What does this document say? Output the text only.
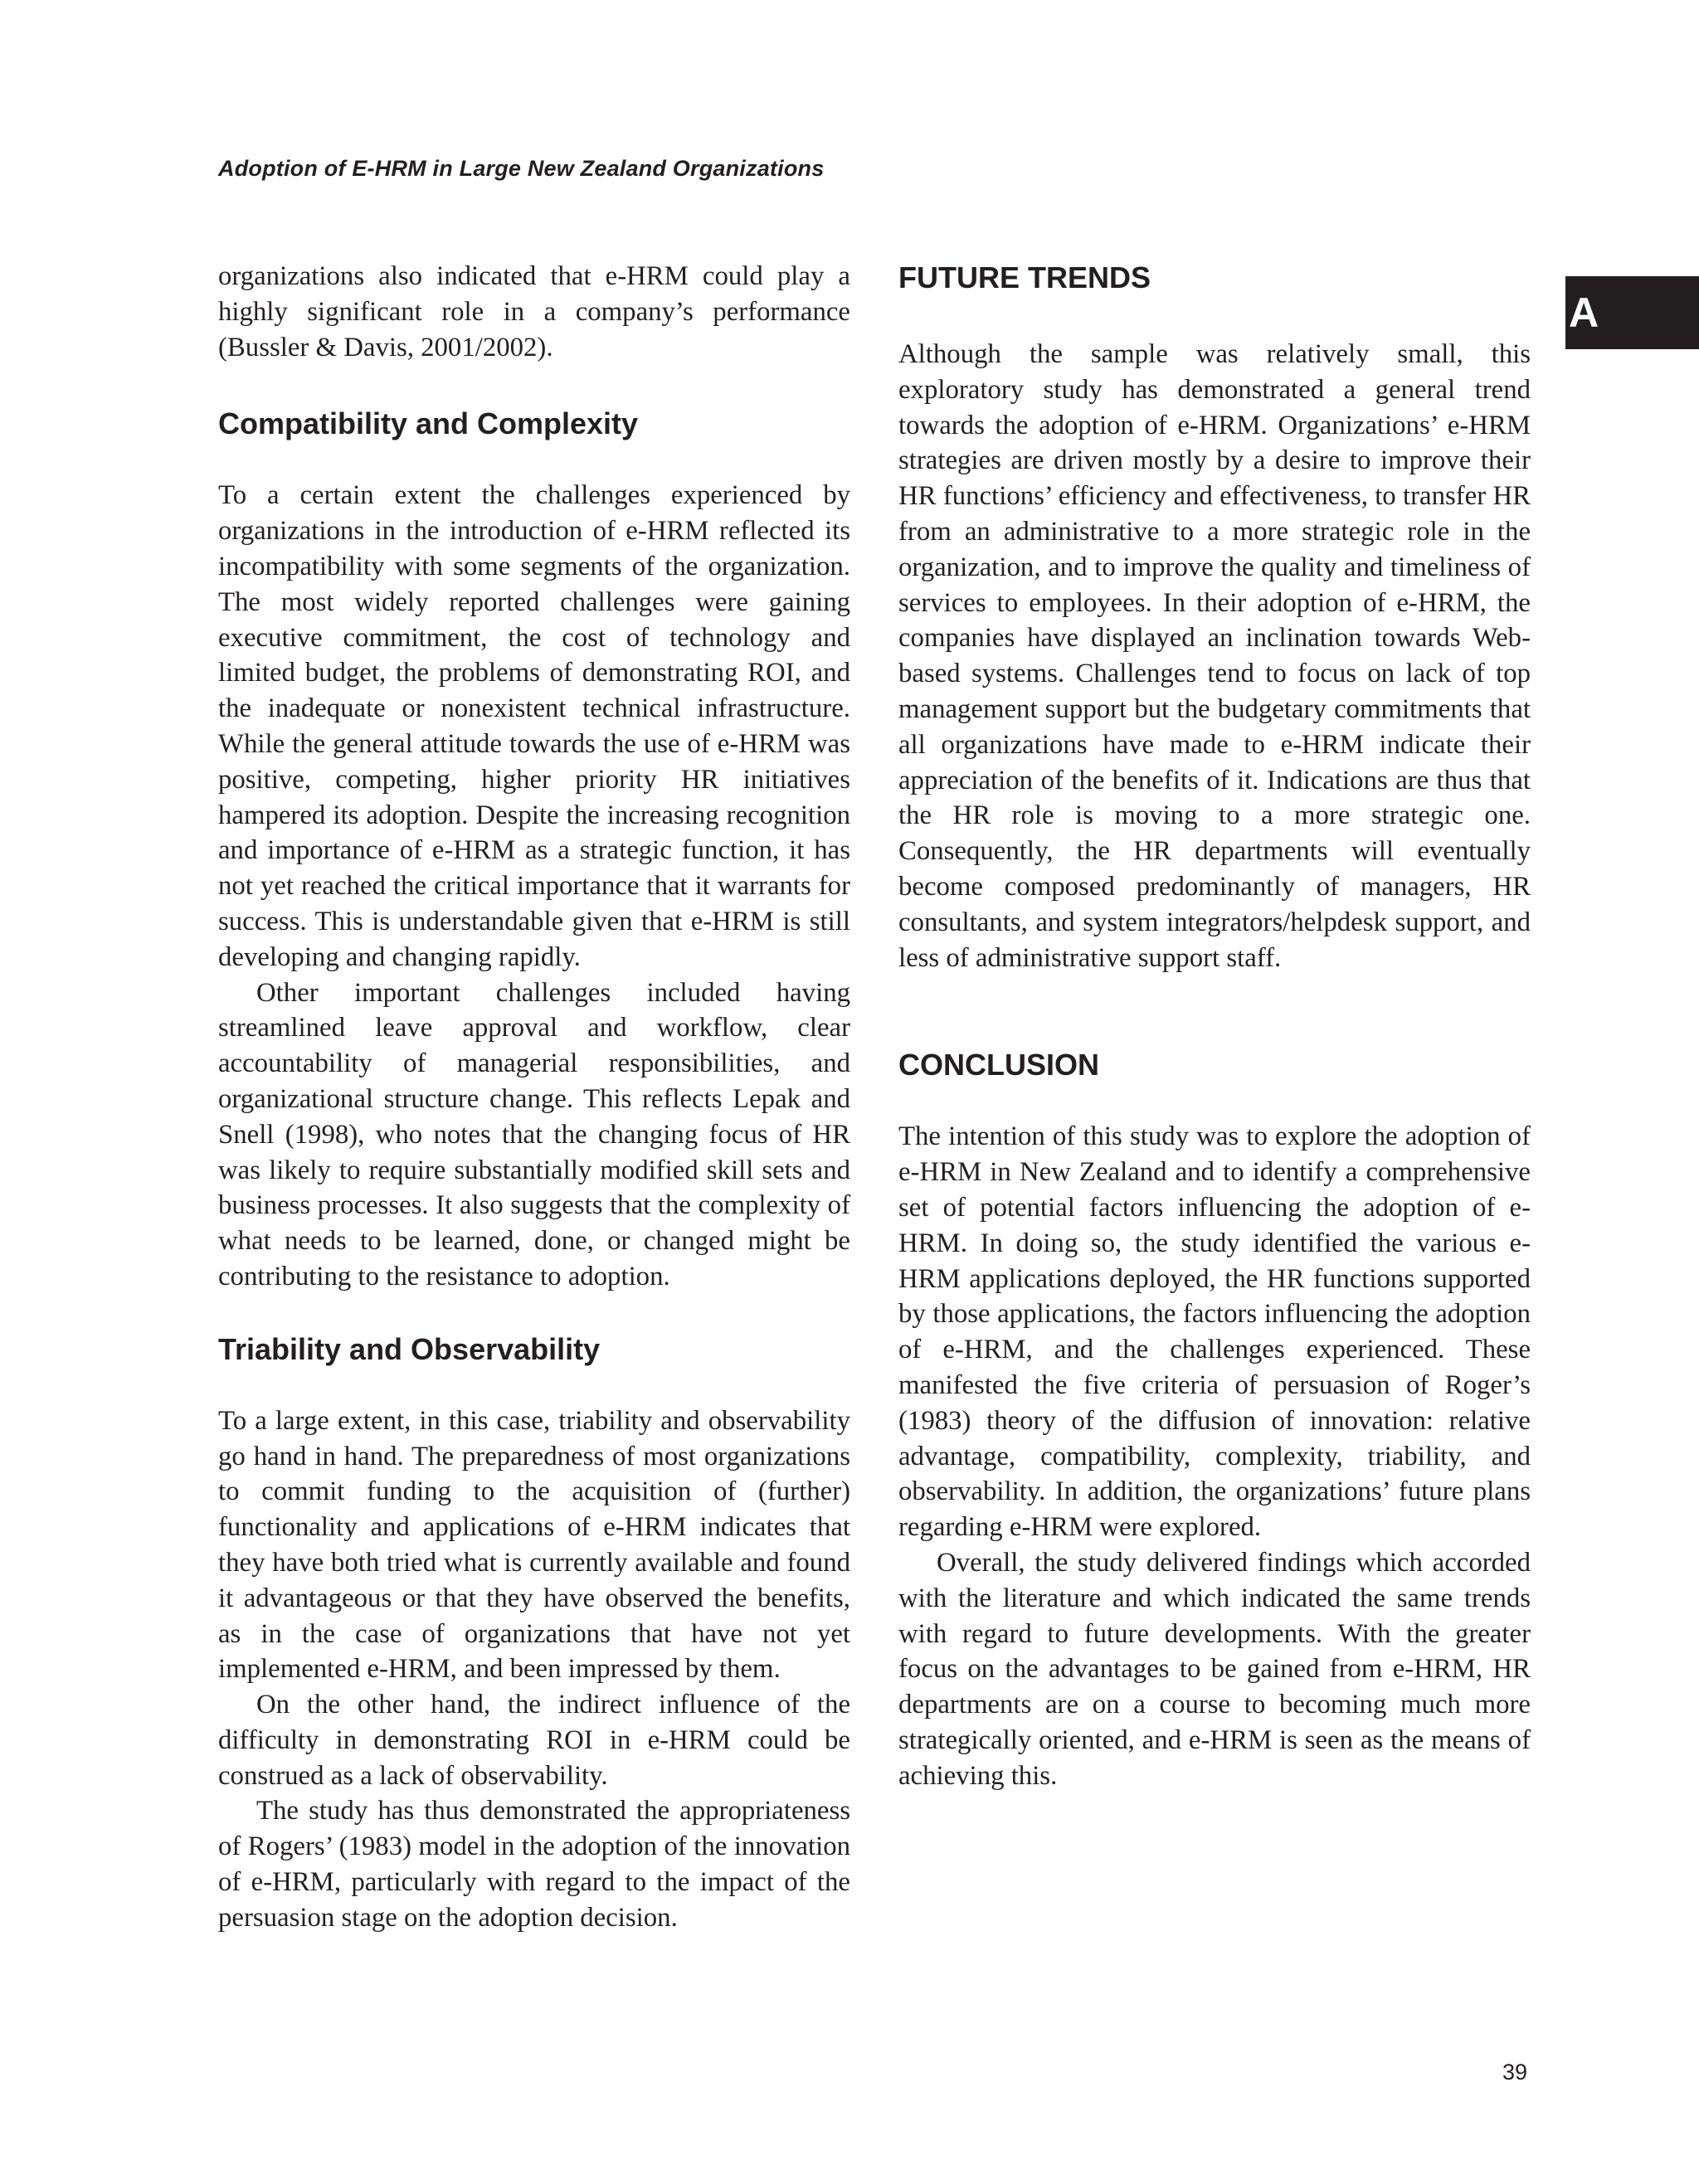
Adoption of E-HRM in Large New Zealand Organizations

A

organizations also indicated that e-HRM could play a highly significant role in a company’s performance (Bussler & Davis, 2001/2002).

Compatibility and Complexity

To a certain extent the challenges experienced by organizations in the introduction of e-HRM reflected its incompatibility with some segments of the organization. The most widely reported challenges were gaining executive commitment, the cost of technology and limited budget, the problems of demonstrating ROI, and the inadequate or nonexistent technical infrastructure. While the general attitude towards the use of e-HRM was positive, competing, higher priority HR initiatives hampered its adoption. Despite the increasing recognition and importance of e-HRM as a strategic function, it has not yet reached the critical importance that it warrants for success. This is understandable given that e-HRM is still developing and changing rapidly.

Other important challenges included having streamlined leave approval and workflow, clear accountability of managerial responsibilities, and organizational structure change. This reflects Lepak and Snell (1998), who notes that the changing focus of HR was likely to require substantially modified skill sets and business processes. It also suggests that the complexity of what needs to be learned, done, or changed might be contributing to the resistance to adoption.

Triability and Observability

To a large extent, in this case, triability and observability go hand in hand. The preparedness of most organizations to commit funding to the acquisition of (further) functionality and applications of e-HRM indicates that they have both tried what is currently available and found it advantageous or that they have observed the benefits, as in the case of organizations that have not yet implemented e-HRM, and been impressed by them.

On the other hand, the indirect influence of the difficulty in demonstrating ROI in e-HRM could be construed as a lack of observability.

The study has thus demonstrated the appropriateness of Rogers’ (1983) model in the adoption of the innovation of e-HRM, particularly with regard to the impact of the persuasion stage on the adoption decision.

FUTURE TRENDS

Although the sample was relatively small, this exploratory study has demonstrated a general trend towards the adoption of e-HRM. Organizations’ e-HRM strategies are driven mostly by a desire to improve their HR functions’ efficiency and effectiveness, to transfer HR from an administrative to a more strategic role in the organization, and to improve the quality and timeliness of services to employees. In their adoption of e-HRM, the companies have displayed an inclination towards Web-based systems. Challenges tend to focus on lack of top management support but the budgetary commitments that all organizations have made to e-HRM indicate their appreciation of the benefits of it. Indications are thus that the HR role is moving to a more strategic one. Consequently, the HR departments will eventually become composed predominantly of managers, HR consultants, and system integrators/helpdesk support, and less of administrative support staff.

CONCLUSION

The intention of this study was to explore the adoption of e-HRM in New Zealand and to identify a comprehensive set of potential factors influencing the adoption of e-HRM. In doing so, the study identified the various e-HRM applications deployed, the HR functions supported by those applications, the factors influencing the adoption of e-HRM, and the challenges experienced. These manifested the five criteria of persuasion of Roger’s (1983) theory of the diffusion of innovation: relative advantage, compatibility, complexity, triability, and observability. In addition, the organizations’ future plans regarding e-HRM were explored.

Overall, the study delivered findings which accorded with the literature and which indicated the same trends with regard to future developments. With the greater focus on the advantages to be gained from e-HRM, HR departments are on a course to becoming much more strategically oriented, and e-HRM is seen as the means of achieving this.

39
